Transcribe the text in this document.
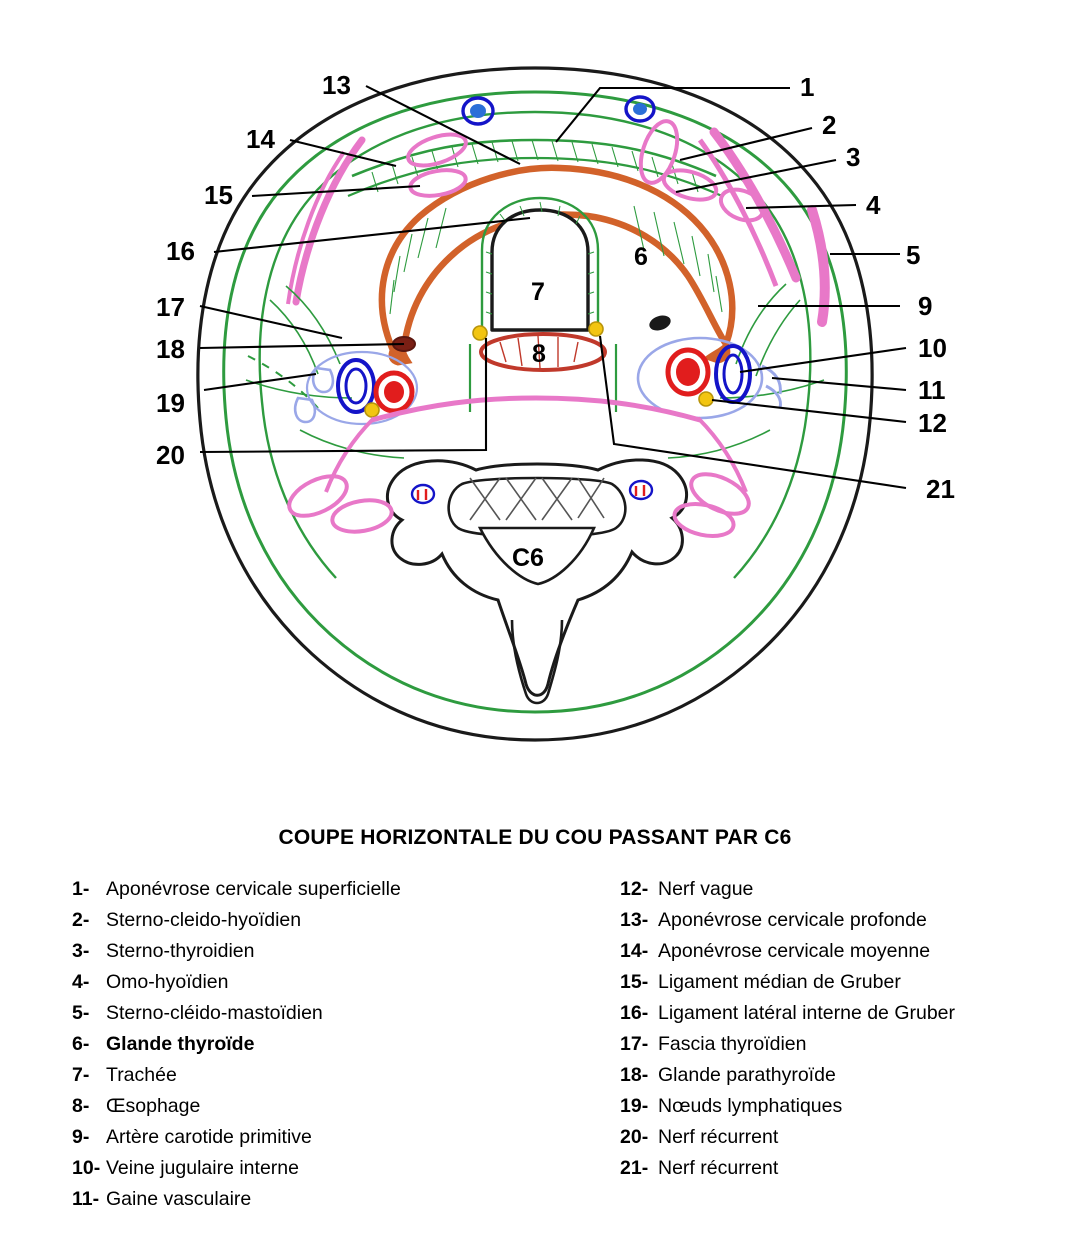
1
2
3
4
5
6
7
8
9
10
11
12
13
14
15
16
17
18
19
20
21
C6
COUPE HORIZONTALE DU COU PASSANT PAR C6
1- Aponévrose cervicale superficielle
2- Sterno-cleido-hyoïdien
3- Sterno-thyroidien
4- Omo-hyoïdien
5- Sterno-cléido-mastoïdien
6- Glande thyroïde
7- Trachée
8- Œsophage
9- Artère carotide primitive
10- Veine jugulaire interne
11- Gaine vasculaire
12- Nerf vague
13- Aponévrose cervicale profonde
14- Aponévrose cervicale moyenne
15- Ligament médian de Gruber
16- Ligament latéral interne de Gruber
17- Fascia thyroïdien
18- Glande parathyroïde
19- Nœuds lymphatiques
20- Nerf récurrent
21- Nerf récurrent
